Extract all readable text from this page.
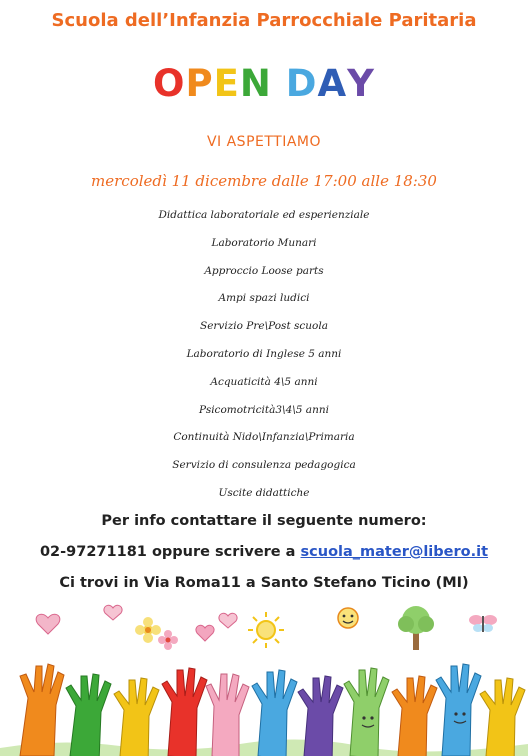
Scuola dell’Infanzia Parrocchiale Paritaria
OPEN DAY
VI ASPETTIAMO
mercoledì 11 dicembre dalle 17:00 alle 18:30
Didattica laboratoriale ed esperienziale
Laboratorio Munari
Approccio Loose parts
Ampi spazi ludici
Servizio Pre\Post scuola
Laboratorio di Inglese 5 anni
Acquaticità 4\5 anni
Psicomotricità3\4\5 anni
Continuità Nido\Infanzia\Primaria
Servizio di consulenza pedagogica
Uscite didattiche
Per info contattare il seguente numero:
02-97271181 oppure scrivere a scuola_mater@libero.it
Ci trovi in Via Roma11 a Santo Stefano Ticino (MI)
